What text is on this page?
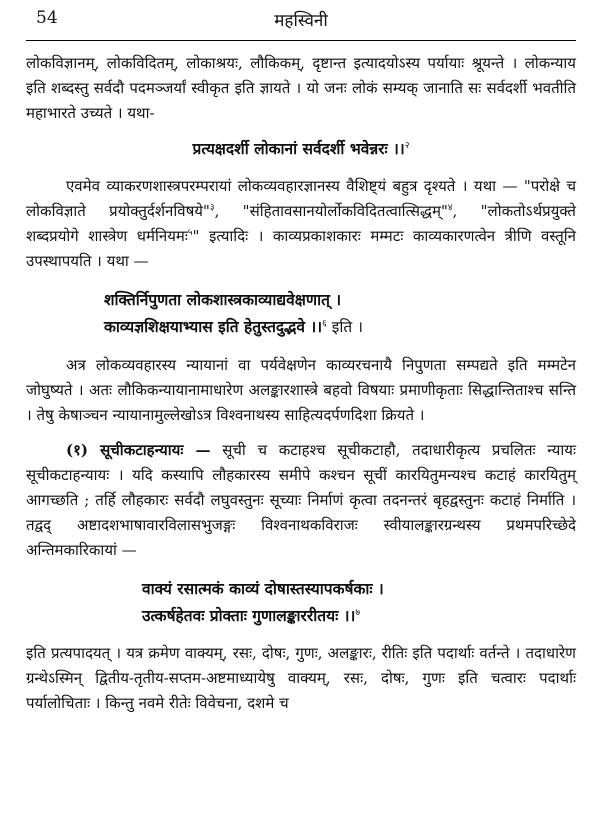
54	महस्विनी

लोकविज्ञानम्, लोकविदितम्, लोकाश्रयः, लौकिकम्, दृष्टान्त इत्यादयोऽस्य पर्यायाः श्रूयन्ते । लोकन्याय इति शब्दस्तु सर्वदौ पदमञ्जर्यां स्वीकृत इति ज्ञायते । यो जनः लोकं सम्यक् जानाति सः सर्वदर्शी भवतीति महाभारते उच्यते । यथा-

प्रत्यक्षदर्शी लोकानां सर्वदर्शी भवेन्नरः ।।$^२$

एवमेव व्याकरणशास्त्रपरम्परायां लोकव्यवहारज्ञानस्य वैशिष्ट्यं बहुत्र दृश्यते । यथा — "परोक्षे च लोकविज्ञाते प्रयोक्तुर्दर्शनविषये"$^३$, "संहितावसानयोर्लोकविदितत्वात्सिद्धम्"$^४$, "लोकतोऽर्थप्रयुक्ते शब्दप्रयोगे शास्त्रेण धर्मनियमः$^५$" इत्यादिः । काव्यप्रकाशकारः मम्मटः काव्यकारणत्वेन त्रीणि वस्तूनि उपस्थापयति । यथा —

शक्तिर्निपुणता लोकशास्त्रकाव्याद्यवेक्षणात् ।

काव्यज्ञशिक्षयाभ्यास इति हेतुस्तदुद्भवे ।।$^६$ इति ।

अत्र लोकव्यवहारस्य न्यायानां वा पर्यवेक्षणेन काव्यरचनायै निपुणता सम्पद्यते इति मम्मटेन जोघुष्यते । अतः लौकिकन्यायानामाधारेण अलङ्कारशास्त्रे बहवो विषयाः प्रमाणीकृताः सिद्धान्तिताश्च सन्ति । तेषु केषाञ्चन न्यायानामुल्लेखोऽत्र विश्वनाथस्य साहित्यदर्पणदिशा क्रियते ।

(१) सूचीकटाहन्यायः — सूची च कटाहश्च सूचीकटाहौ, तदाधारीकृत्य प्रचलितः न्यायः सूचीकटाहन्यायः । यदि कस्यापि लौहकारस्य समीपे कश्चन सूचीं कारयितुमन्यश्च कटाहं कारयितुम् आगच्छति ; तर्हि लौहकारः सर्वदौ लघुवस्तुनः सूच्याः निर्माणं कृत्वा तदनन्तरं बृहद्वस्तुनः कटाहं निर्माति । तद्वद् अष्टादशभाषावारविलासभुजङ्गः विश्वनाथकविराजः स्वीयालङ्कारग्रन्थस्य प्रथमपरिच्छेदे अन्तिमकारिकायां —

वाक्यं रसात्मकं काव्यं दोषास्तस्यापकर्षकाः ।

उत्कर्षहेतवः प्रोक्ताः गुणालङ्काररीतयः ।।$^७$

इति प्रत्यपादयत् । यत्र क्रमेण वाक्यम्, रसः, दोषः, गुणः, अलङ्कारः, रीतिः इति पदार्थाः वर्तन्ते । तदाधारेण ग्रन्थेऽस्मिन् द्वितीय-तृतीय-सप्तम-अष्टमाध्यायेषु वाक्यम्, रसः, दोषः, गुणः इति चत्वारः पदार्थाः पर्यालोचिताः । किन्तु नवमे रीतेः विवेचना, दशमे च
